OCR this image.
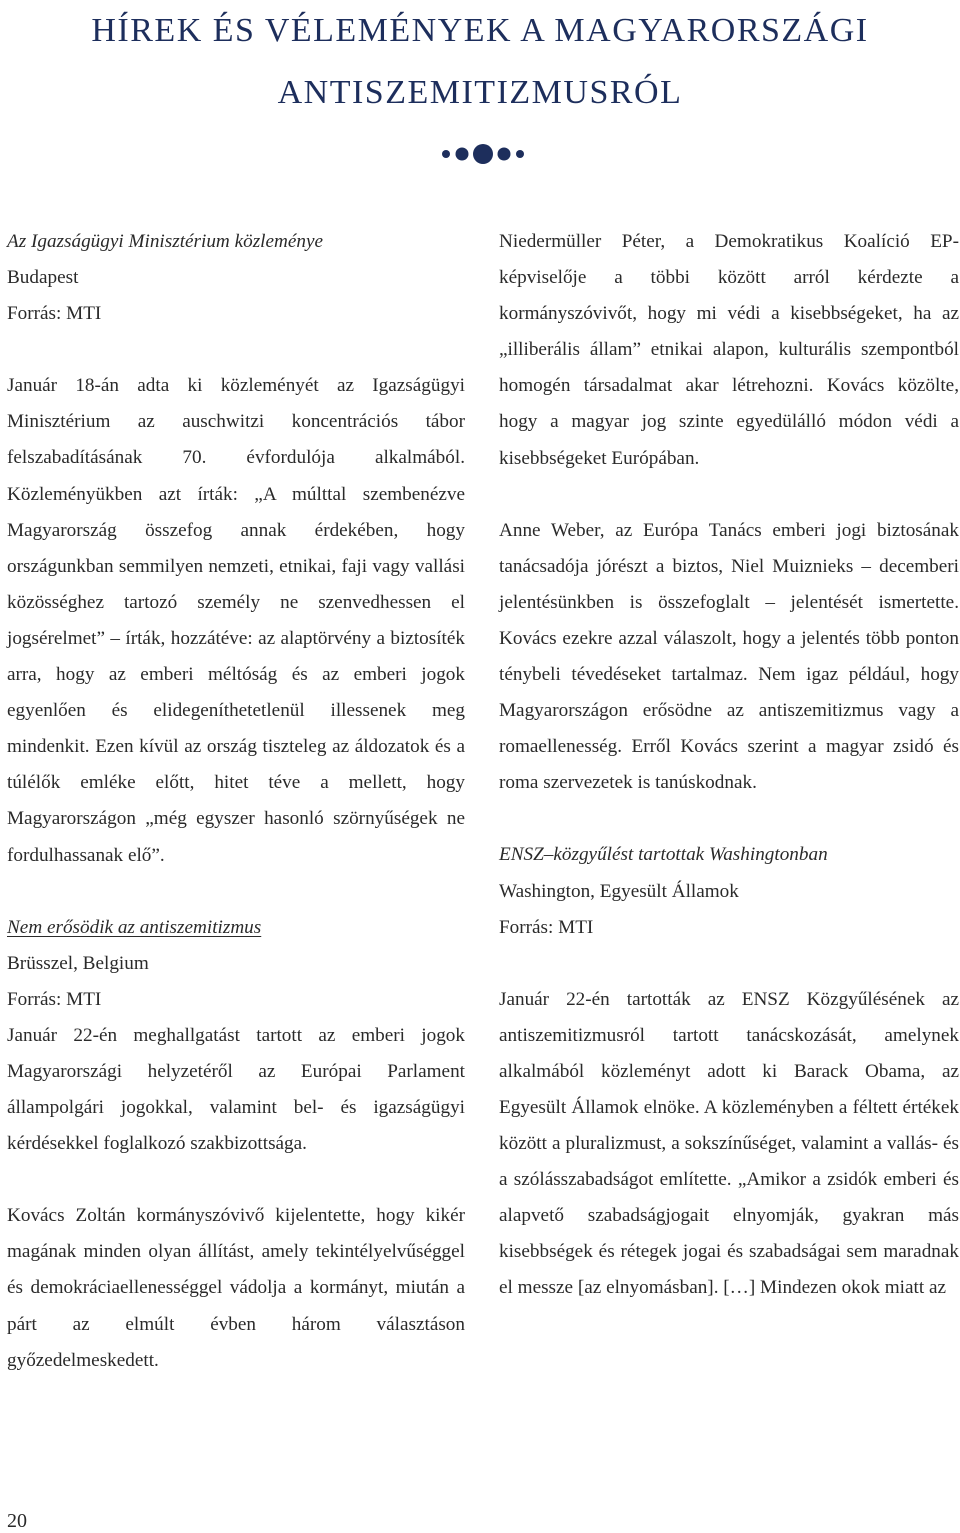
HÍREK ÉS VÉLEMÉNYEK A MAGYARORSZÁGI
ANTISZEMITIZMUSRÓL

Az Igazságügyi Minisztérium közleménye

Budapest

Forrás: MTI

Január 18-án adta ki közleményét az Igazságügyi Minisztérium az auschwitzi koncentrációs tábor felszabadításának 70. évfordulója alkalmából. Közleményükben azt írták: „A múlttal szembenézve Magyarország összefog annak érdekében, hogy országunkban semmilyen nemzeti, etnikai, faji vagy vallási közösséghez tartozó személy ne szenvedhessen el jogsérelmet” – írták, hozzátéve: az alaptörvény a biztosíték arra, hogy az emberi méltóság és az emberi jogok egyenlően és elidegeníthetetlenül illessenek meg mindenkit. Ezen kívül az ország tiszteleg az áldozatok és a túlélők emléke előtt, hitet téve a mellett, hogy Magyarországon „még egyszer hasonló szörnyűségek ne fordulhassanak elő”.

Nem erősödik az antiszemitizmus

Brüsszel, Belgium

Forrás: MTI

Január 22-én meghallgatást tartott az emberi jogok Magyarországi helyzetéről az Európai Parlament állampolgári jogokkal, valamint bel- és igazságügyi kérdésekkel foglalkozó szakbizottsága.

Kovács Zoltán kormányszóvivő kijelentette, hogy kikér magának minden olyan állítást, amely tekintélyelvűséggel és demokráciaellenességgel vádolja a kormányt, miután a párt az elmúlt évben három választáson győzedelmeskedett.

Niedermüller Péter, a Demokratikus Koalíció EP-képviselője a többi között arról kérdezte a kormányszóvivőt, hogy mi védi a kisebbségeket, ha az „illiberális állam” etnikai alapon, kulturális szempontból homogén társadalmat akar létrehozni. Kovács közölte, hogy a magyar jog szinte egyedülálló módon védi a kisebbségeket Európában.

Anne Weber, az Európa Tanács emberi jogi biztosának tanácsadója jórészt a biztos, Niel Muiznieks – decemberi jelentésünkben is összefoglalt – jelentését ismertette. Kovács ezekre azzal válaszolt, hogy a jelentés több ponton ténybeli tévedéseket tartalmaz. Nem igaz például, hogy Magyarországon erősödne az antiszemitizmus vagy a romaellenesség. Erről Kovács szerint a magyar zsidó és roma szervezetek is tanúskodnak.

ENSZ–közgyűlést tartottak Washingtonban

Washington, Egyesült Államok

Forrás: MTI

Január 22-én tartották az ENSZ Közgyűlésének az antiszemitizmusról tartott tanácskozását, amelynek alkalmából közleményt adott ki Barack Obama, az Egyesült Államok elnöke. A közleményben a féltett értékek között a pluralizmust, a sokszínűséget, valamint a vallás- és a szólásszabadságot említette. „Amikor a zsidók emberi és alapvető szabadságjogait elnyomják, gyakran más kisebbségek és rétegek jogai és szabadságai sem maradnak el messze [az elnyomásban]. […] Mindezen okok miatt az

20
